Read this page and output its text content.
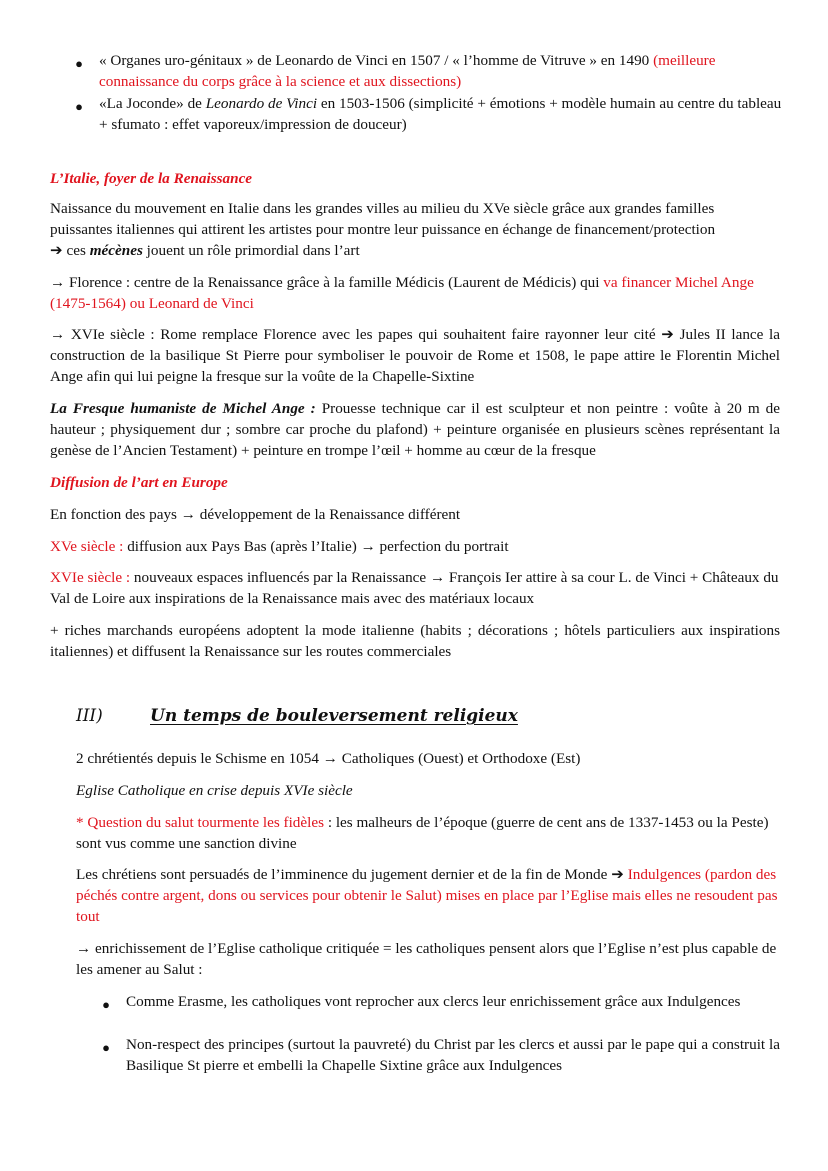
● « Organes uro-génitaux » de Leonardo de Vinci en 1507 / « l’homme de Vitruve » en 1490 (meilleure connaissance du corps grâce à la science et aux dissections)

● «La Joconde» de Leonardo de Vinci en 1503-1506 (simplicité + émotions + modèle humain au centre du tableau + sfumato : effet vaporeux/impression de douceur)

L’Italie, foyer de la Renaissance

Naissance du mouvement en Italie dans les grandes villes au milieu du XVe siècle grâce aux grandes familles puissantes italiennes qui attirent les artistes pour montre leur puissance en échange de financement/protection
➔ ces mécènes jouent un rôle primordial dans l’art

→ Florence : centre de la Renaissance grâce à la famille Médicis (Laurent de Médicis) qui va financer Michel Ange (1475-1564) ou Leonard de Vinci

→ XVIe siècle : Rome remplace Florence avec les papes qui souhaitent faire rayonner leur cité ➔ Jules II lance la construction de la basilique St Pierre pour symboliser le pouvoir de Rome et 1508, le pape attire le Florentin Michel Ange afin qui lui peigne la fresque sur la voûte de la Chapelle-Sixtine

La Fresque humaniste de Michel Ange : Prouesse technique car il est sculpteur et non peintre : voûte à 20 m de hauteur ; physiquement dur ; sombre car proche du plafond) + peinture organisée en plusieurs scènes représentant la genèse de l’Ancien Testament) + peinture en trompe l’œil + homme au cœur de la fresque

Diffusion de l’art en Europe

En fonction des pays → développement de la Renaissance différent

XVe siècle : diffusion aux Pays Bas (après l’Italie) → perfection du portrait

XVIe siècle : nouveaux espaces influencés par la Renaissance → François Ier attire à sa cour L. de Vinci + Châteaux du Val de Loire aux inspirations de la Renaissance mais avec des matériaux locaux

+ riches marchands européens adoptent la mode italienne (habits ; décorations ; hôtels particuliers aux inspirations italiennes) et diffusent la Renaissance sur les routes commerciales

III)	Un temps de bouleversement religieux

2 chrétientés depuis le Schisme en 1054 → Catholiques (Ouest) et Orthodoxe (Est)

Eglise Catholique en crise depuis XVIe siècle

* Question du salut tourmente les fidèles : les malheurs de l’époque (guerre de cent ans de 1337-1453 ou la Peste) sont vus comme une sanction divine

Les chrétiens sont persuadés de l’imminence du jugement dernier et de la fin de Monde ➔ Indulgences (pardon des péchés contre argent, dons ou services pour obtenir le Salut) mises en place par l’Eglise mais elles ne resoudent pas tout

→ enrichissement de l’Eglise catholique critiquée = les catholiques pensent alors que l’Eglise n’est plus capable de les amener au Salut :

● Comme Erasme, les catholiques vont reprocher aux clercs leur enrichissement grâce aux Indulgences

● Non-respect des principes (surtout la pauvreté) du Christ par les clercs et aussi par le pape qui a construit la Basilique St pierre et embelli la Chapelle Sixtine grâce aux Indulgences
